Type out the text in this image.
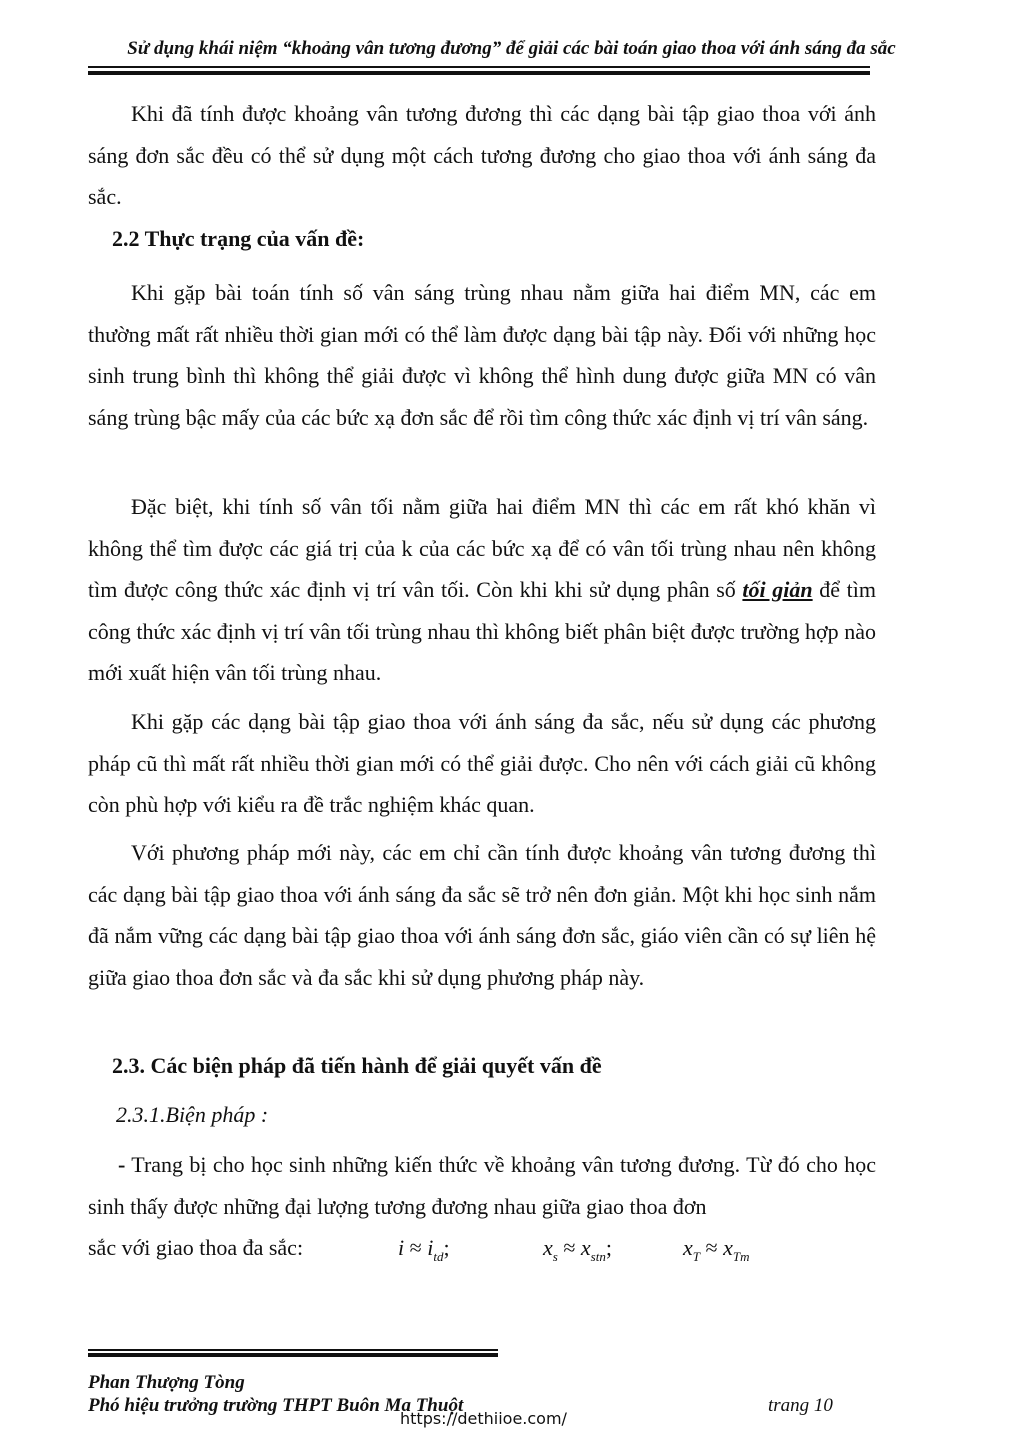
Sử dụng khái niệm “khoảng vân tương đương” để giải các bài toán giao thoa với ánh sáng đa sắc
Khi đã tính được khoảng vân tương đương thì các dạng bài tập giao thoa với ánh sáng đơn sắc đều có thể sử dụng một cách tương đương cho giao thoa với ánh sáng đa sắc.
2.2 Thực trạng của vấn đề:
Khi gặp bài toán tính số vân sáng trùng nhau nằm giữa hai điểm MN, các em thường mất rất nhiều thời gian mới có thể làm được dạng bài tập này. Đối với những học sinh trung bình thì không thể giải được vì không thể hình dung được giữa MN có vân sáng trùng bậc mấy của các bức xạ đơn sắc để rồi tìm công thức xác định vị trí vân sáng.
Đặc biệt, khi tính số vân tối nằm giữa hai điểm MN thì các em rất khó khăn vì không thể tìm được các giá trị của k của các bức xạ để có vân tối trùng nhau nên không tìm được công thức xác định vị trí vân tối. Còn khi khi sử dụng phân số tối giản để tìm công thức xác định vị trí vân tối trùng nhau thì không biết phân biệt được trường hợp nào mới xuất hiện vân tối trùng nhau.
Khi gặp các dạng bài tập giao thoa với ánh sáng đa sắc, nếu sử dụng các phương pháp cũ thì mất rất nhiều thời gian mới có thể giải được. Cho nên với cách giải cũ không còn phù hợp với kiểu ra đề trắc nghiệm khác quan.
Với phương pháp mới này, các em chỉ cần tính được khoảng vân tương đương thì các dạng bài tập giao thoa với ánh sáng đa sắc sẽ trở nên đơn giản. Một khi học sinh nắm đã nắm vững các dạng bài tập giao thoa với ánh sáng đơn sắc, giáo viên cần có sự liên hệ giữa giao thoa đơn sắc và đa sắc khi sử dụng phương pháp này.
2.3. Các biện pháp đã tiến hành để giải quyết vấn đề
2.3.1.Biện pháp :
- Trang bị cho học sinh những kiến thức về khoảng vân tương đương. Từ đó cho học sinh thấy được những đại lượng tương đương nhau giữa giao thoa đơn
sắc với giao thoa đa sắc:	$i \approx i_{td}$;	$x_s \approx x_{stn}$;	$x_T \approx x_{Tm}$
Phan Thượng Tòng
Phó hiệu trưởng trường THPT Buôn Ma Thuột	trang 10
https://dethiioe.com/
